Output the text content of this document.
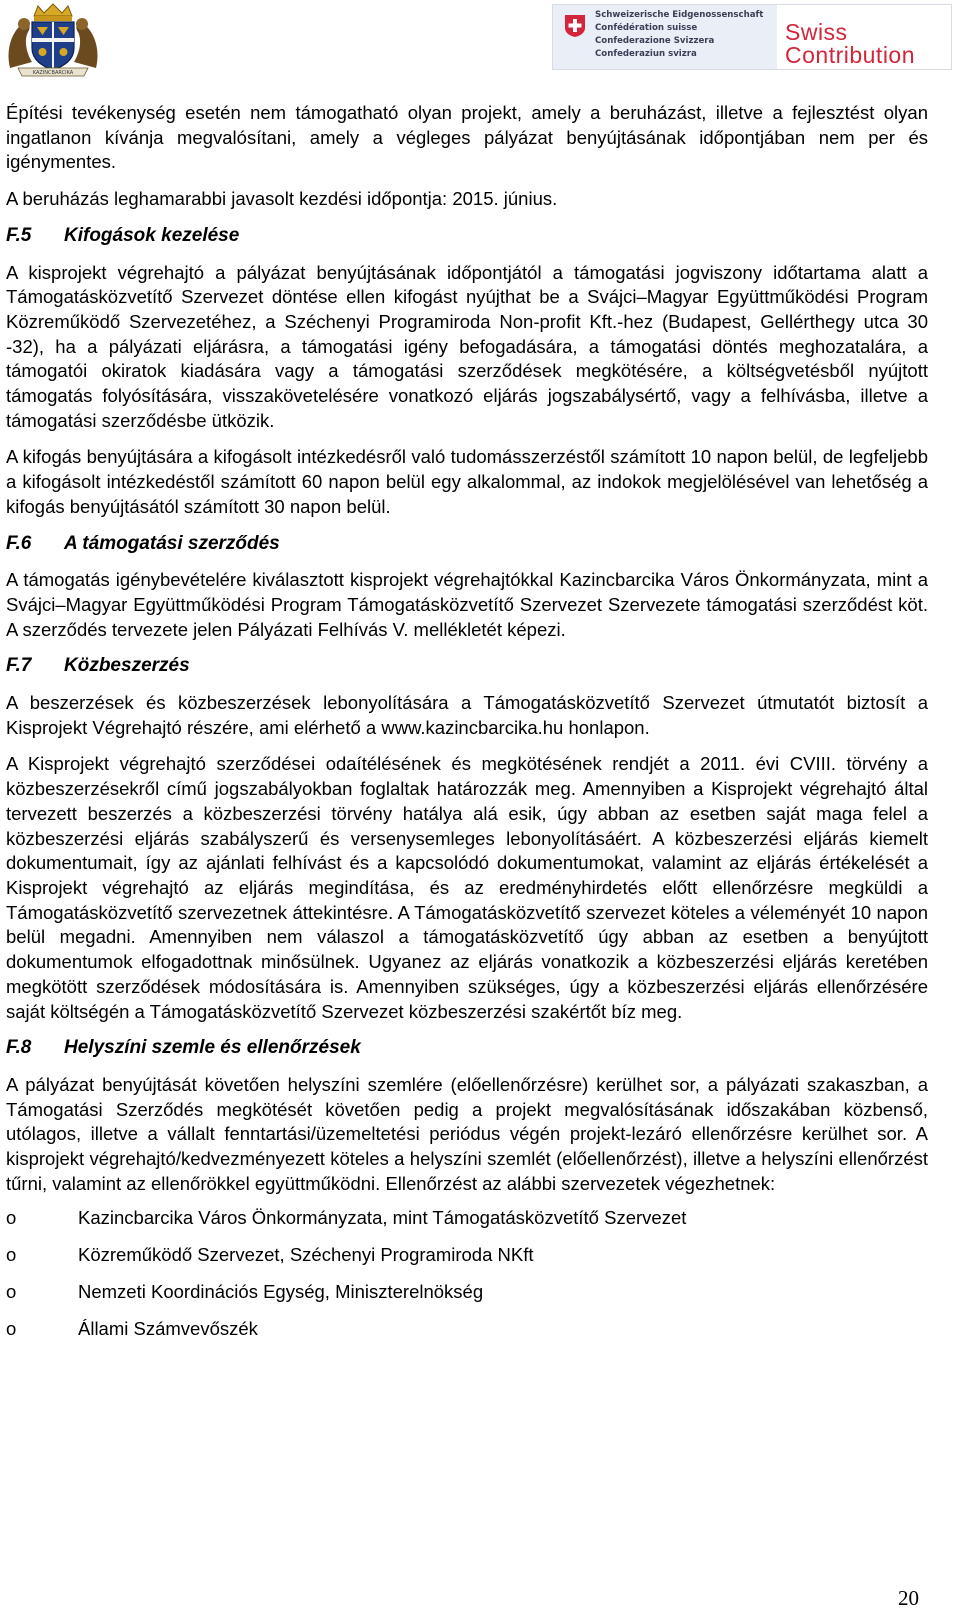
KAZINCBARCIKA
Schweizerische Eidgenossenschaft
Confédération suisse
Confederazione Svizzera
Confederaziun svizra
Swiss
Contribution

Építési tevékenység esetén nem támogatható olyan projekt, amely a beruházást, illetve a fejlesztést olyan ingatlanon kívánja megvalósítani, amely a végleges pályázat benyújtásának időpontjában nem per és igénymentes.

A beruházás leghamarabbi javasolt kezdési időpontja: 2015. június.

F.5 Kifogások kezelése

A kisprojekt végrehajtó a pályázat benyújtásának időpontjától a támogatási jogviszony időtartama alatt a Támogatásközvetítő Szervezet döntése ellen kifogást nyújthat be a Svájci–Magyar Együttműködési Program Közreműködő Szervezetéhez, a Széchenyi Programiroda Non-profit Kft.-hez (Budapest, Gellérthegy utca 30 -32), ha a pályázati eljárásra, a támogatási igény befogadására, a támogatási döntés meghozatalára, a támogatói okiratok kiadására vagy a támogatási szerződések megkötésére, a költségvetésből nyújtott támogatás folyósítására, visszakövetelésére vonatkozó eljárás jogszabálysértő, vagy a felhívásba, illetve a támogatási szerződésbe ütközik.

A kifogás benyújtására a kifogásolt intézkedésről való tudomásszerzéstől számított 10 napon belül, de legfeljebb a kifogásolt intézkedéstől számított 60 napon belül egy alkalommal, az indokok megjelölésével van lehetőség a kifogás benyújtásától számított 30 napon belül.

F.6 A támogatási szerződés

A támogatás igénybevételére kiválasztott kisprojekt végrehajtókkal Kazincbarcika Város Önkormányzata, mint a Svájci–Magyar Együttműködési Program Támogatásközvetítő Szervezet Szervezete támogatási szerződést köt. A szerződés tervezete jelen Pályázati Felhívás V. mellékletét képezi.

F.7 Közbeszerzés

A beszerzések és közbeszerzések lebonyolítására a Támogatásközvetítő Szervezet útmutatót biztosít a Kisprojekt Végrehajtó részére, ami elérhető a www.kazincbarcika.hu honlapon.

A Kisprojekt végrehajtó szerződései odaítélésének és megkötésének rendjét a 2011. évi CVIII. törvény a közbeszerzésekről című jogszabályokban foglaltak határozzák meg. Amennyiben a Kisprojekt végrehajtó által tervezett beszerzés a közbeszerzési törvény hatálya alá esik, úgy abban az esetben saját maga felel a közbeszerzési eljárás szabályszerű és versenysemleges lebonyolításáért. A közbeszerzési eljárás kiemelt dokumentumait, így az ajánlati felhívást és a kapcsolódó dokumentumokat, valamint az eljárás értékelését a Kisprojekt végrehajtó az eljárás megindítása, és az eredményhirdetés előtt ellenőrzésre megküldi a Támogatásközvetítő szervezetnek áttekintésre. A Támogatásközvetítő szervezet köteles a véleményét 10 napon belül megadni. Amennyiben nem válaszol a támogatásközvetítő úgy abban az esetben a benyújtott dokumentumok elfogadottnak minősülnek. Ugyanez az eljárás vonatkozik a közbeszerzési eljárás keretében megkötött szerződések módosítására is. Amennyiben szükséges, úgy a közbeszerzési eljárás ellenőrzésére saját költségén a Támogatásközvetítő Szervezet közbeszerzési szakértőt bíz meg.

F.8 Helyszíni szemle és ellenőrzések

A pályázat benyújtását követően helyszíni szemlére (előellenőrzésre) kerülhet sor, a pályázati szakaszban, a Támogatási Szerződés megkötését követően pedig a projekt megvalósításának időszakában közbenső, utólagos, illetve a vállalt fenntartási/üzemeltetési periódus végén projekt-lezáró ellenőrzésre kerülhet sor. A kisprojekt végrehajtó/kedvezményezett köteles a helyszíni szemlét (előellenőrzést), illetve a helyszíni ellenőrzést tűrni, valamint az ellenőrökkel együttműködni. Ellenőrzést az alábbi szervezetek végezhetnek:

o	Kazincbarcika Város Önkormányzata, mint Támogatásközvetítő Szervezet
o	Közreműködő Szervezet, Széchenyi Programiroda NKft
o	Nemzeti Koordinációs Egység, Miniszterelnökség
o	Állami Számvevőszék
20
